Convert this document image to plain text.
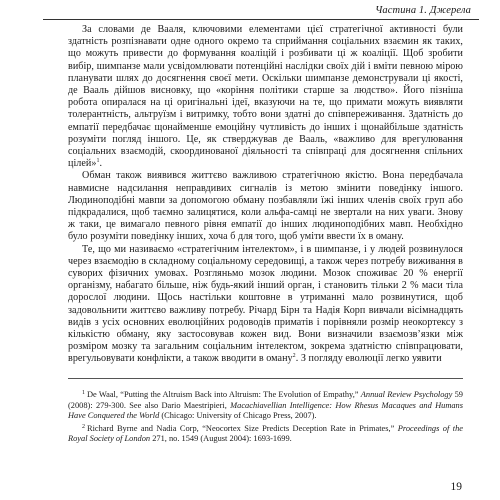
Частина 1. Джерела

За словами де Вааля, ключовими елементами цієї стратегічної активності були здатність розпізнавати одне одного окремо та сприймання соціальних взаємин як таких, що можуть привести до формування коаліцій і розбивати ці ж коаліції. Щоб зробити вибір, шимпанзе мали усвідомлювати потенційні наслідки своїх дій і вміти певною мірою планувати шлях до досягнення своєї мети. Оскільки шимпанзе демонстрували ці якості, де Вааль дійшов висновку, що «коріння політики старше за людство». Його пізніша робота опиралася на ці оригінальні ідеї, вказуючи на те, що примати можуть виявляти толерантність, альтруїзм і витримку, тобто вони здатні до співпереживання. Здатність до емпатії передбачає щонайменше емоційну чутливість до інших і щонайбільше здатність розуміти погляд іншого. Це, як стверджував де Вааль, «важливо для врегулювання соціальних взаємодій, скоординованої діяльності та співпраці для досягнення спільних цілей»$^1$.

Обман також виявився життєво важливою стратегічною якістю. Вона передбачала навмисне надсилання неправдивих сигналів із метою змінити поведінку іншого. Людиноподібні мавпи за допомогою обману позбавляли їжі інших членів своїх груп або підкрадалися, щоб таємно залицятися, коли альфа-самці не звертали на них уваги. Знову ж таки, це вимагало певного рівня емпатії до інших людиноподібних мавп. Необхідно було розуміти поведінку інших, хоча б для того, щоб уміти ввести їх в оману.

Те, що ми називаємо «стратегічним інтелектом», і в шимпанзе, і у людей розвинулося через взаємодію в складному соціальному середовищі, а також через потребу виживання в суворих фізичних умовах. Розгляньмо мозок людини. Мозок споживає 20 % енергії організму, набагато більше, ніж будь-який інший орган, і становить тільки 2 % маси тіла дорослої людини. Щось настільки коштовне в утриманні мало розвинутися, щоб задовольнити життєво важливу потребу. Річард Бірн та Надія Корп вивчали вісімнадцять видів з усіх основних еволюційних родоводів приматів і порівняли розмір неокортексу з кількістю обману, яку застосовував кожен вид. Вони визначили взаємозв’язки між розміром мозку та загальним соціальним інтелектом, зокрема здатністю співпрацювати, врегульовувати конфлікти, а також вводити в оману$^2$. З погляду еволюції легко уявити

$^1$ De Waal, “Putting the Altruism Back into Altruism: The Evolution of Empathy,” Annual Review Psychology 59 (2008): 279-300. See also Dario Maestripieri, Macachiavellian Intelligence: How Rhesus Macaques and Humans Have Conquered the World (Chicago: University of Chicago Press, 2007).

$^2$ Richard Byrne and Nadia Corp, “Neocortex Size Predicts Deception Rate in Primates,” Proceedings of the Royal Society of London 271, no. 1549 (August 2004): 1693-1699.

19
